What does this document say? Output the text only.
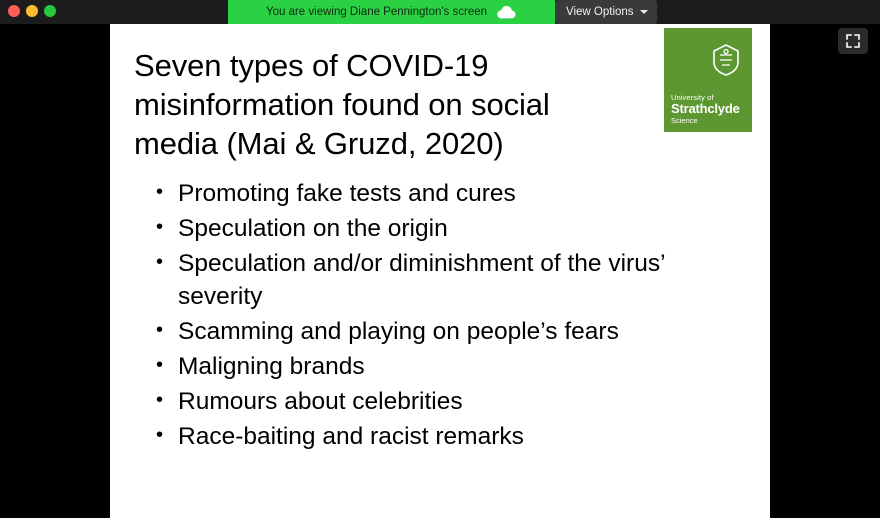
You are viewing Diane Pennington's screen	View Options
University of
Strathclyde
Science
Seven types of COVID-19 misinformation found on social media (Mai & Gruzd, 2020)
• Promoting fake tests and cures
• Speculation on the origin
• Speculation and/or diminishment of the virus’ severity
• Scamming and playing on people’s fears
• Maligning brands
• Rumours about celebrities
• Race-baiting and racist remarks
